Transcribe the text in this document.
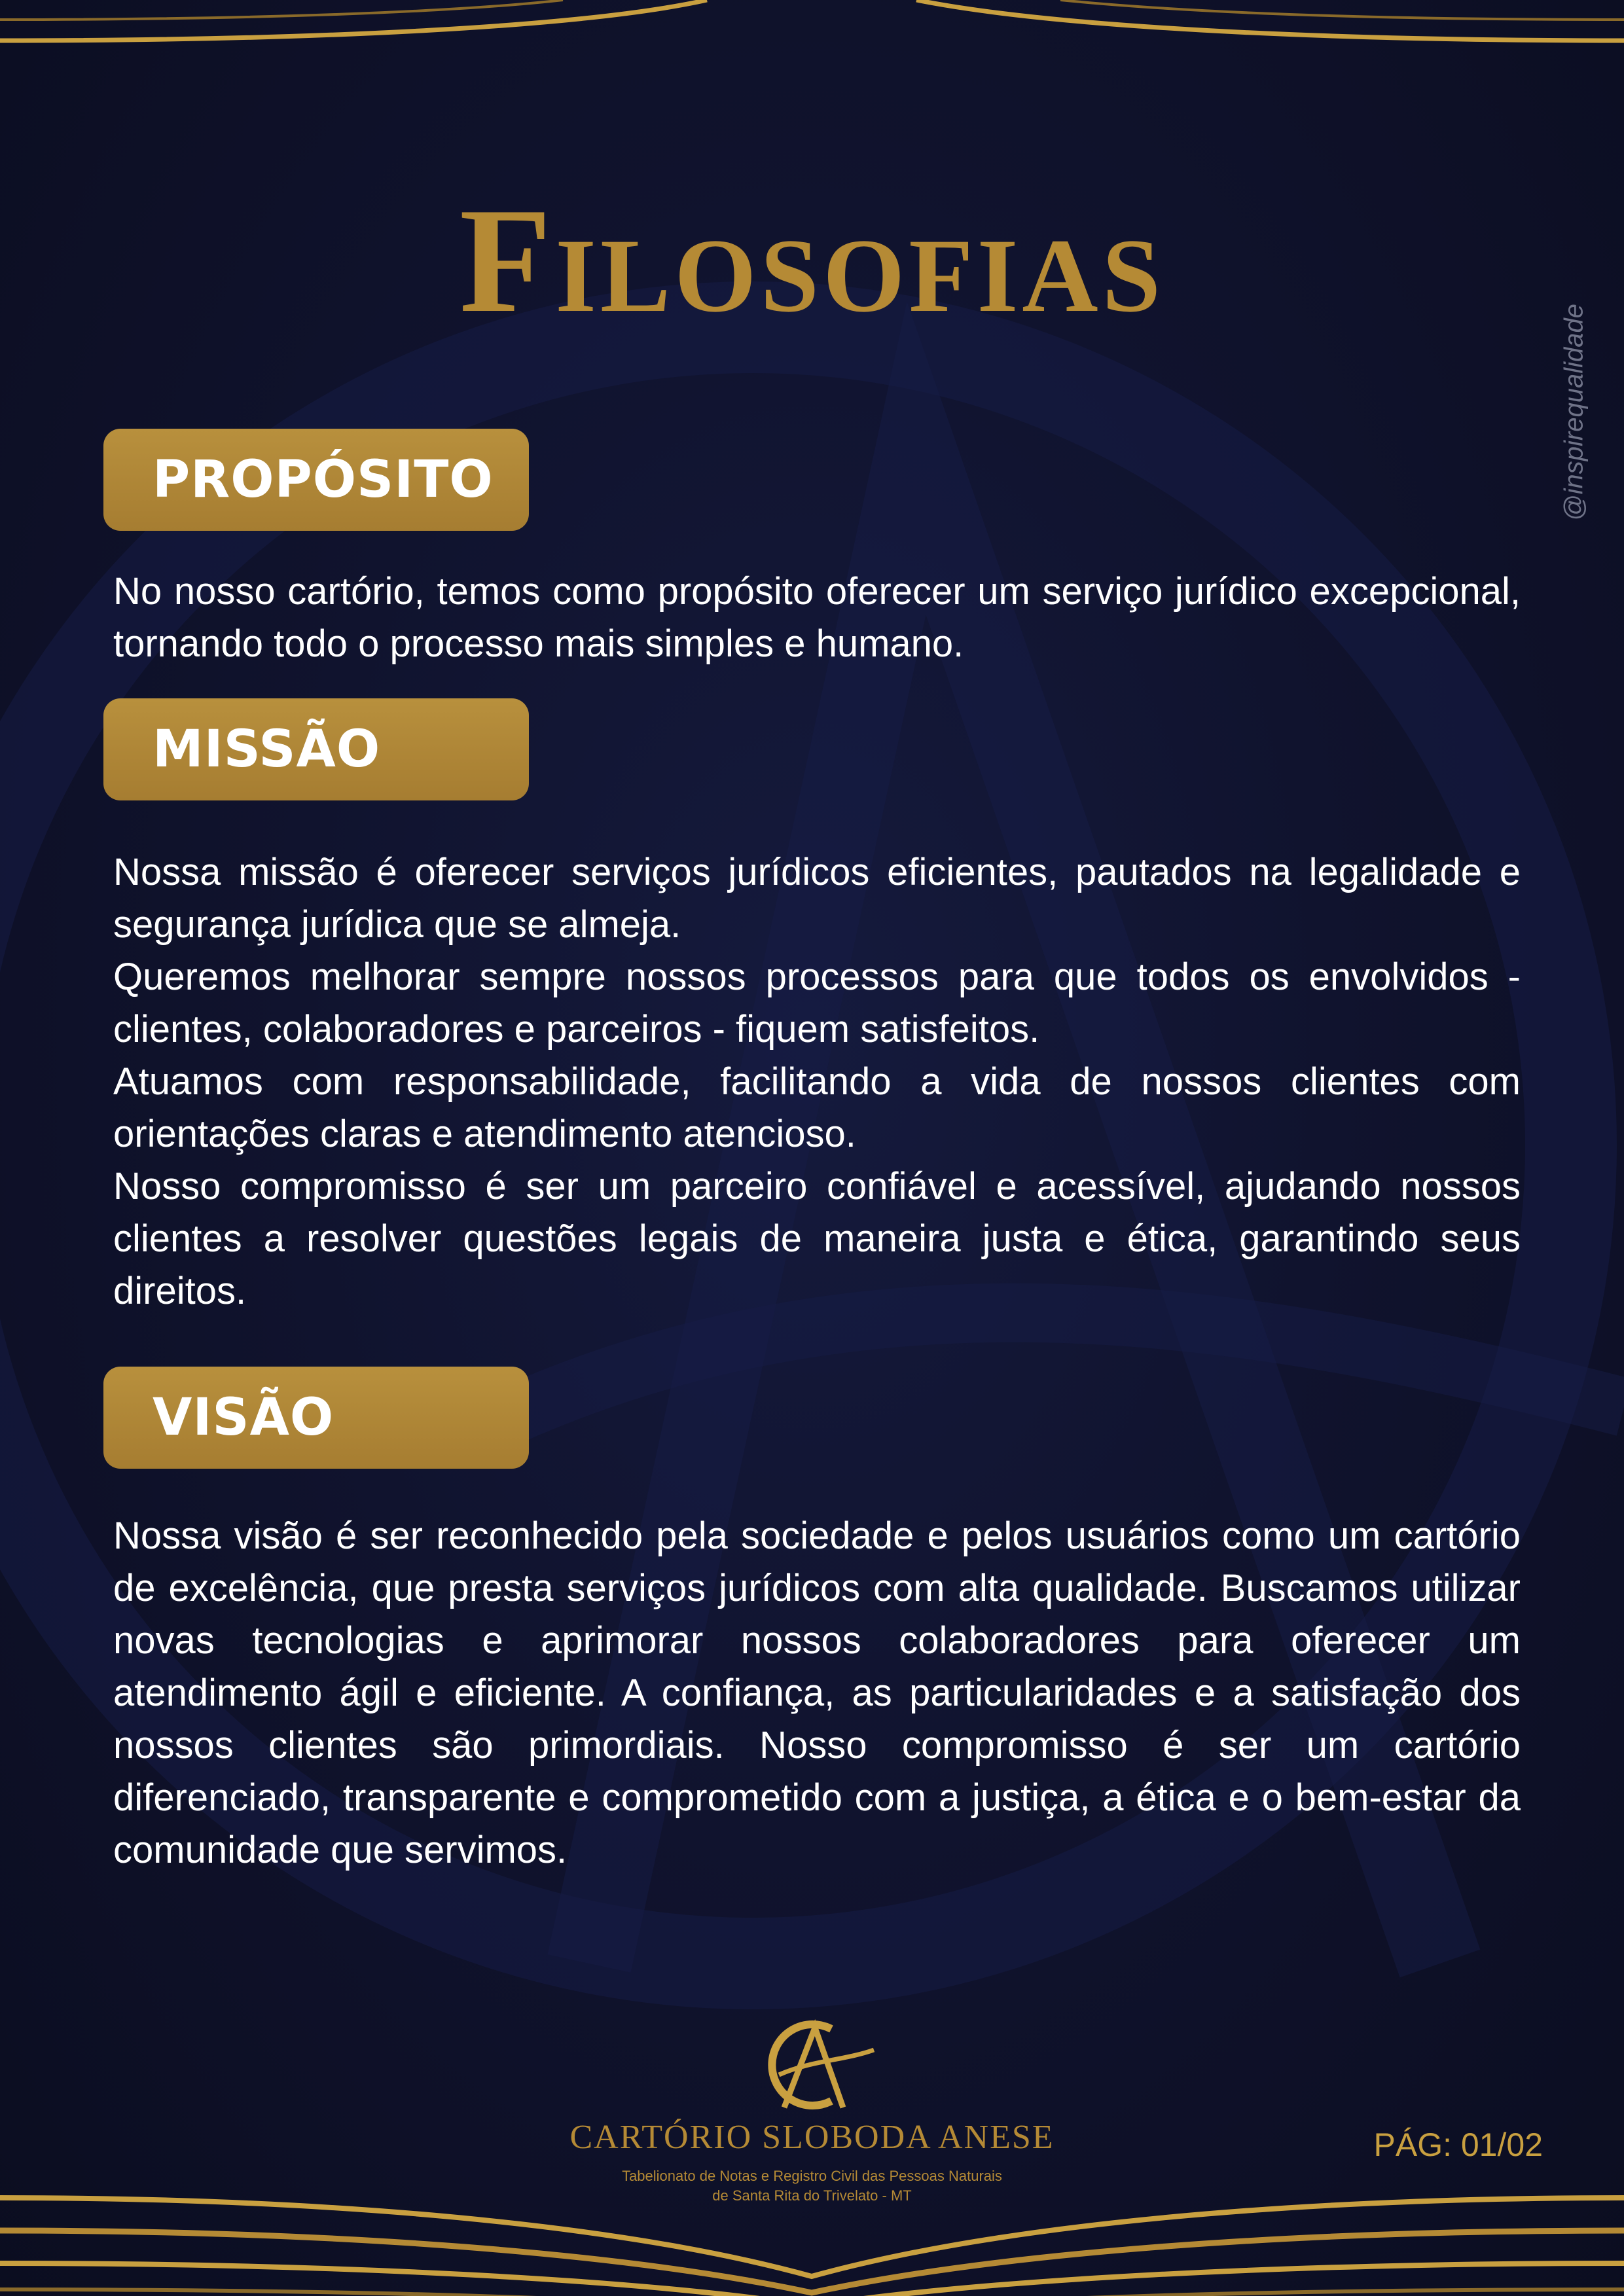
Filosofias
@inspirequalidade
PROPÓSITO

No nosso cartório, temos como propósito oferecer um serviço jurídico excepcional, tornando todo o processo mais simples e humano.

MISSÃO
Nossa missão é oferecer serviços jurídicos eficientes, pautados na legalidade e segurança jurídica que se almeja.
Queremos melhorar sempre nossos processos para que todos os envolvidos - clientes, colaboradores e parceiros - fiquem satisfeitos.
Atuamos com responsabilidade, facilitando a vida de nossos clientes com orientações claras e atendimento atencioso.
Nosso compromisso é ser um parceiro confiável e acessível, ajudando nossos clientes a resolver questões legais de maneira justa e ética, garantindo seus direitos.
VISÃO

Nossa visão é ser reconhecido pela sociedade e pelos usuários como um cartório de excelência, que presta serviços jurídicos com alta qualidade. Buscamos utilizar novas tecnologias e aprimorar nossos colaboradores para oferecer um atendimento ágil e eficiente. A confiança, as particularidades e a satisfação dos nossos clientes são primordiais. Nosso compromisso é ser um cartório diferenciado, transparente e comprometido com a justiça, a ética e o bem-estar da comunidade que servimos.

CARTÓRIO SLOBODA ANESE
Tabelionato de Notas e Registro Civil das Pessoas Naturais
de Santa Rita do Trivelato - MT
PÁG: 01/02
